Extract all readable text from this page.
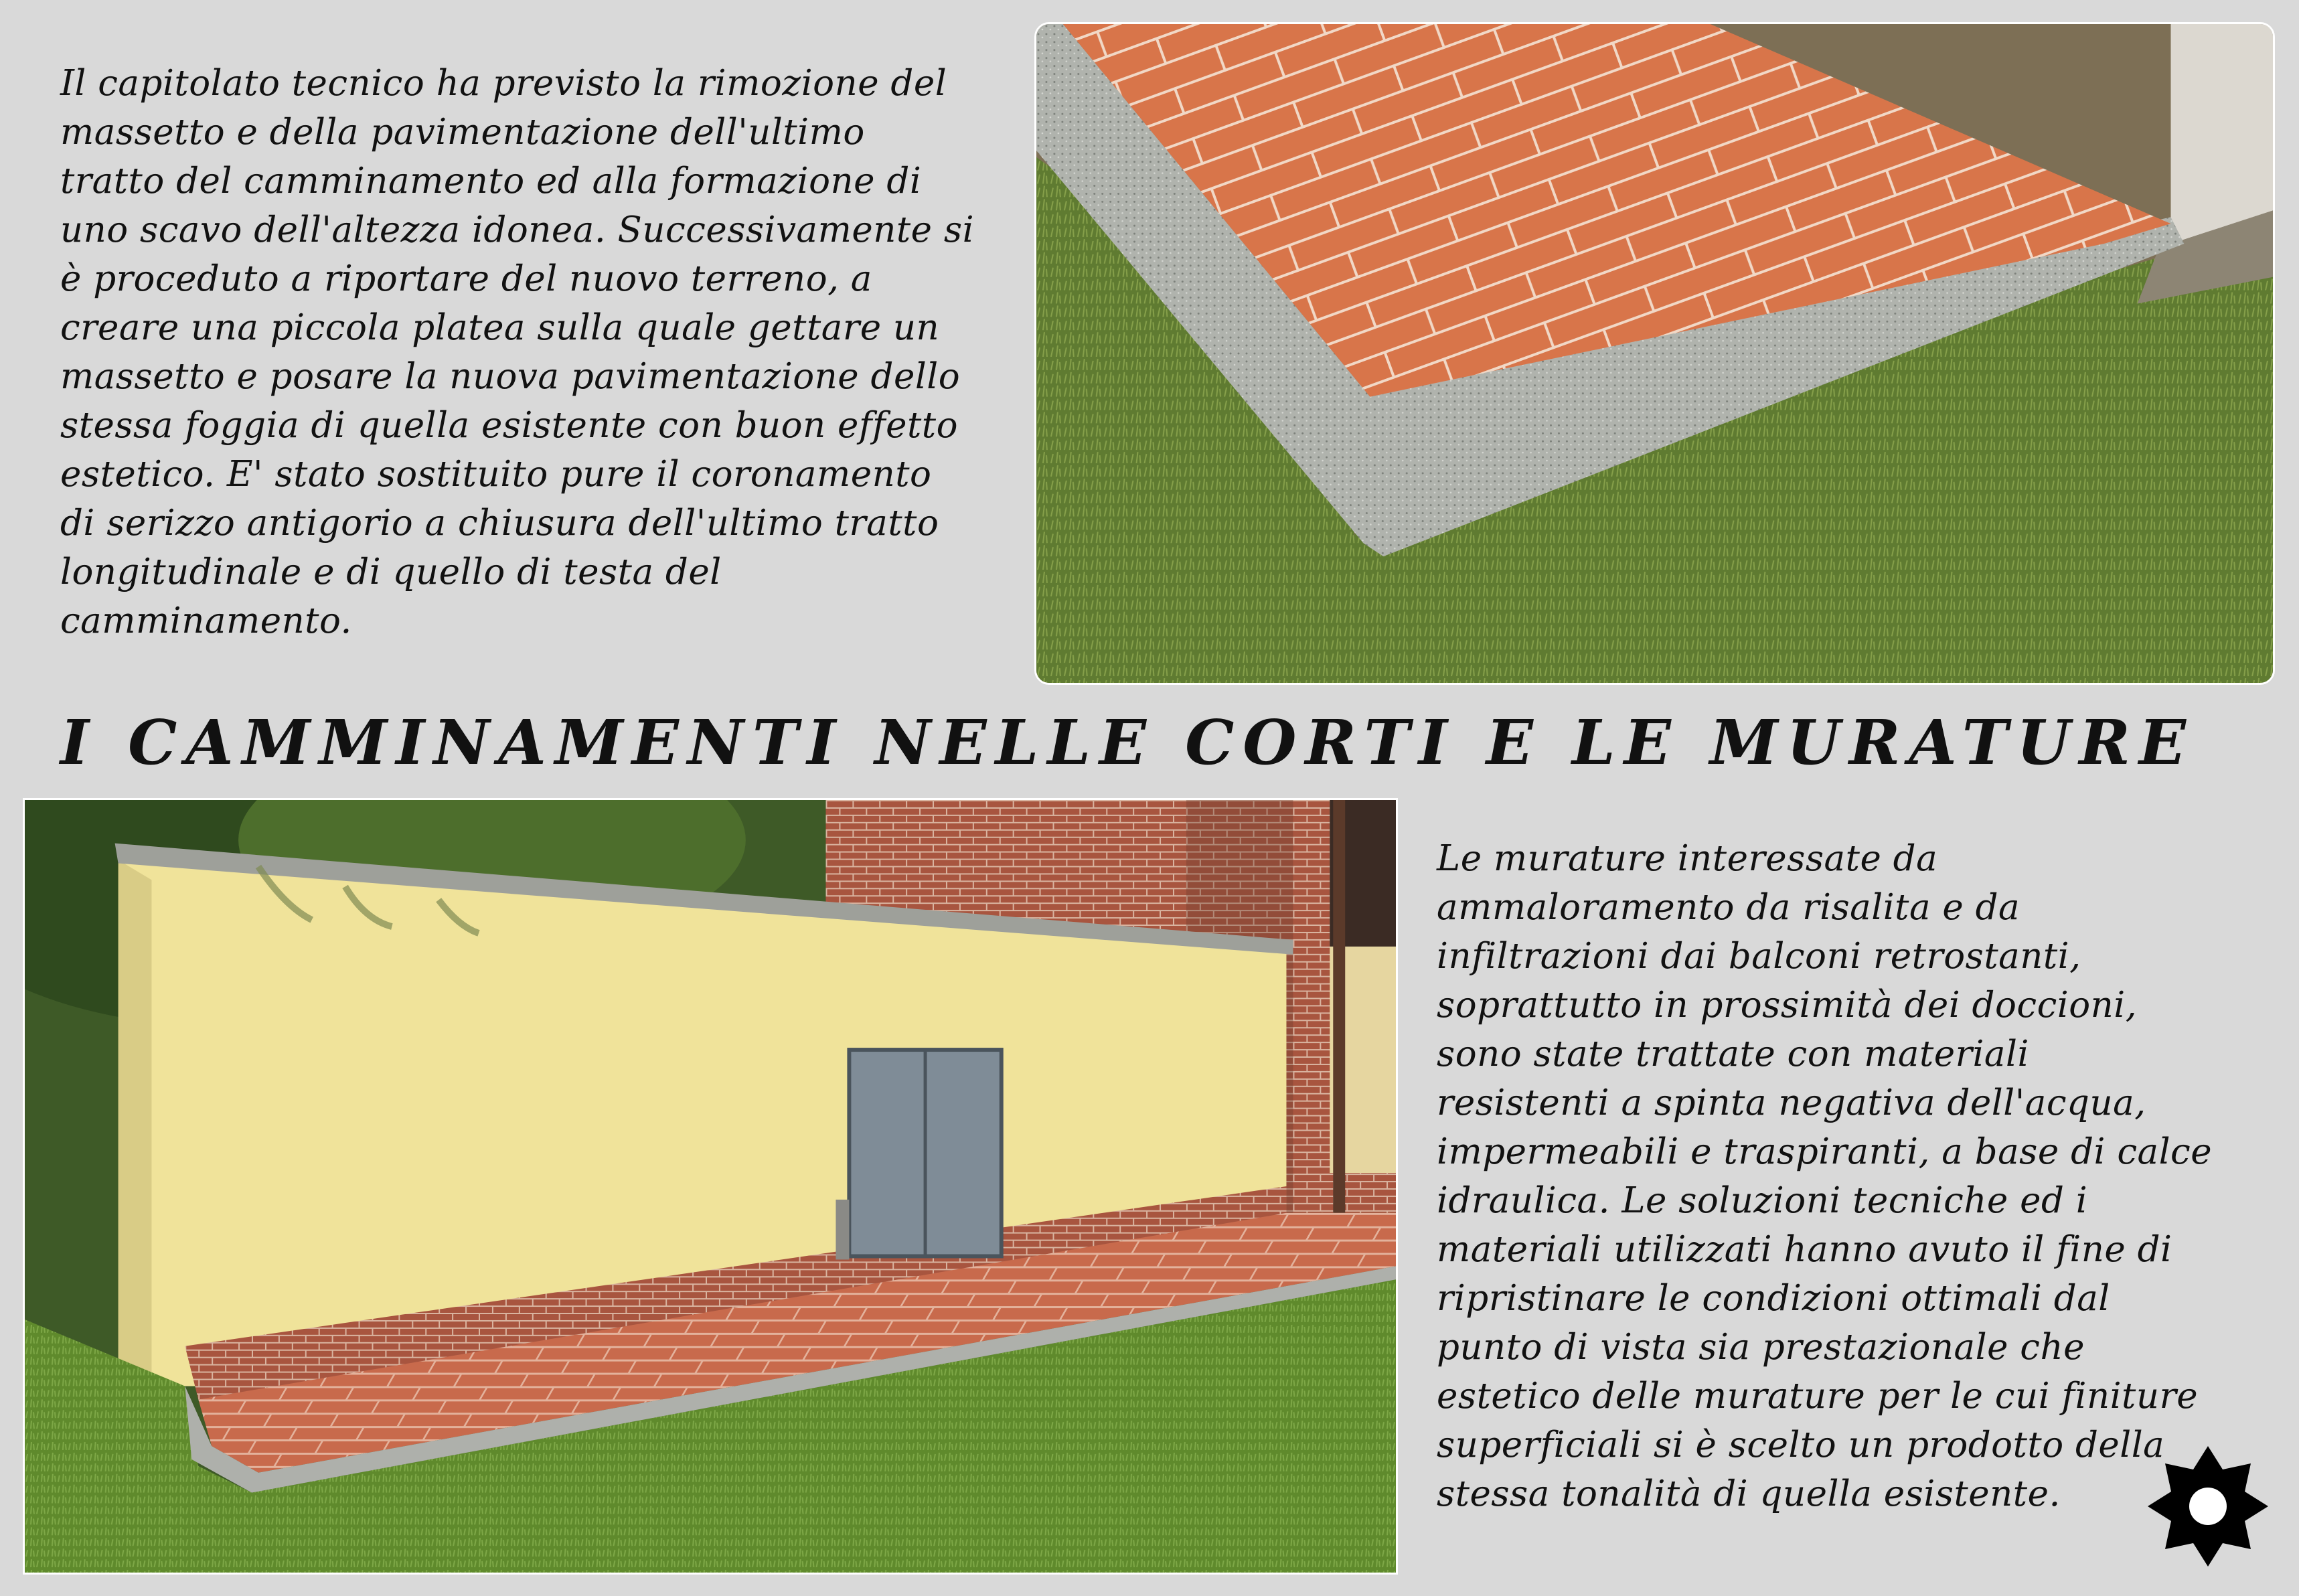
Il capitolato tecnico ha previsto la rimozione del
massetto e della pavimentazione dell'ultimo
tratto del camminamento ed alla formazione di
uno scavo dell'altezza idonea. Successivamente si
è proceduto a riportare del nuovo terreno, a
creare una piccola platea sulla quale gettare un
massetto e posare la nuova pavimentazione dello
stessa foggia di quella esistente con buon effetto
estetico. E' stato sostituito pure il coronamento
di serizzo antigorio a chiusura dell'ultimo tratto
longitudinale e di quello di testa del
camminamento.
I CAMMINAMENTI NELLE CORTI E LE MURATURE
Le murature interessate da
ammaloramento da risalita e da
infiltrazioni dai balconi retrostanti,
soprattutto in prossimità dei doccioni,
sono state trattate con materiali
resistenti a spinta negativa dell'acqua,
impermeabili e traspiranti, a base di calce
idraulica. Le soluzioni tecniche ed i
materiali utilizzati hanno avuto il fine di
ripristinare le condizioni ottimali dal
punto di vista sia prestazionale che
estetico delle murature per le cui finiture
superficiali si è scelto un prodotto della
stessa tonalità di quella esistente.
